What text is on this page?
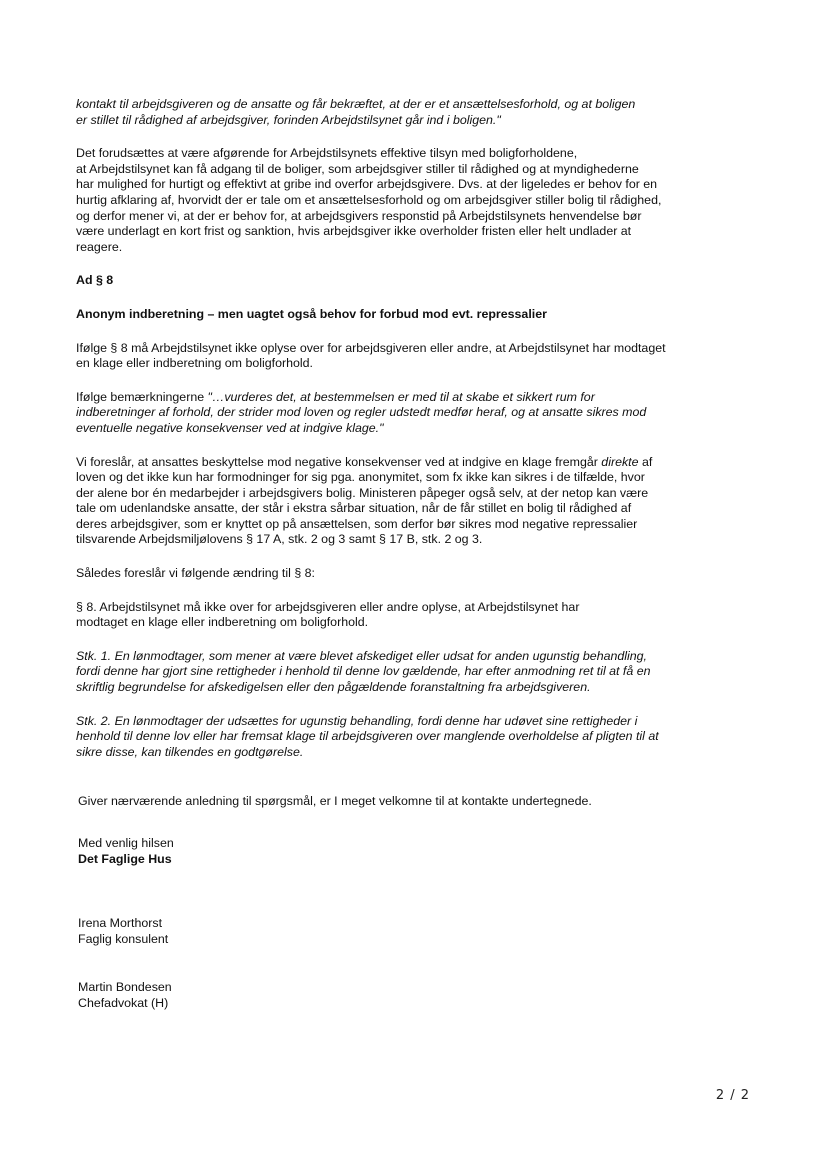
kontakt til arbejdsgiveren og de ansatte og får bekræftet, at der er et ansættelsesforhold, og at boligen
er stillet til rådighed af arbejdsgiver, forinden Arbejdstilsynet går ind i boligen."

Det forudsættes at være afgørende for Arbejdstilsynets effektive tilsyn med boligforholdene,
at Arbejdstilsynet kan få adgang til de boliger, som arbejdsgiver stiller til rådighed og at myndighederne
har mulighed for hurtigt og effektivt at gribe ind overfor arbejdsgivere. Dvs. at der ligeledes er behov for en
hurtig afklaring af, hvorvidt der er tale om et ansættelsesforhold og om arbejdsgiver stiller bolig til rådighed,
og derfor mener vi, at der er behov for, at arbejdsgivers responstid på Arbejdstilsynets henvendelse bør
være underlagt en kort frist og sanktion, hvis arbejdsgiver ikke overholder fristen eller helt undlader at
reagere.

Ad § 8

Anonym indberetning – men uagtet også behov for forbud mod evt. repressalier

Ifølge § 8 må Arbejdstilsynet ikke oplyse over for arbejdsgiveren eller andre, at Arbejdstilsynet har modtaget
en klage eller indberetning om boligforhold.

Ifølge bemærkningerne "…vurderes det, at bestemmelsen er med til at skabe et sikkert rum for
indberetninger af forhold, der strider mod loven og regler udstedt medfør heraf, og at ansatte sikres mod
eventuelle negative konsekvenser ved at indgive klage."

Vi foreslår, at ansattes beskyttelse mod negative konsekvenser ved at indgive en klage fremgår direkte af
loven og det ikke kun har formodninger for sig pga. anonymitet, som fx ikke kan sikres i de tilfælde, hvor
der alene bor én medarbejder i arbejdsgivers bolig. Ministeren påpeger også selv, at der netop kan være
tale om udenlandske ansatte, der står i ekstra sårbar situation, når de får stillet en bolig til rådighed af
deres arbejdsgiver, som er knyttet op på ansættelsen, som derfor bør sikres mod negative repressalier
tilsvarende Arbejdsmiljølovens § 17 A, stk. 2 og 3 samt § 17 B, stk. 2 og 3.

Således foreslår vi følgende ændring til § 8:

§ 8. Arbejdstilsynet må ikke over for arbejdsgiveren eller andre oplyse, at Arbejdstilsynet har
modtaget en klage eller indberetning om boligforhold.

Stk. 1. En lønmodtager, som mener at være blevet afskediget eller udsat for anden ugunstig behandling,
fordi denne har gjort sine rettigheder i henhold til denne lov gældende, har efter anmodning ret til at få en
skriftlig begrundelse for afskedigelsen eller den pågældende foranstaltning fra arbejdsgiveren.

Stk. 2. En lønmodtager der udsættes for ugunstig behandling, fordi denne har udøvet sine rettigheder i
henhold til denne lov eller har fremsat klage til arbejdsgiveren over manglende overholdelse af pligten til at
sikre disse, kan tilkendes en godtgørelse.

Giver nærværende anledning til spørgsmål, er I meget velkomne til at kontakte undertegnede.

Med venlig hilsen
Det Faglige Hus
Irena Morthorst
Faglig konsulent
Martin Bondesen
Chefadvokat (H)
2 / 2
